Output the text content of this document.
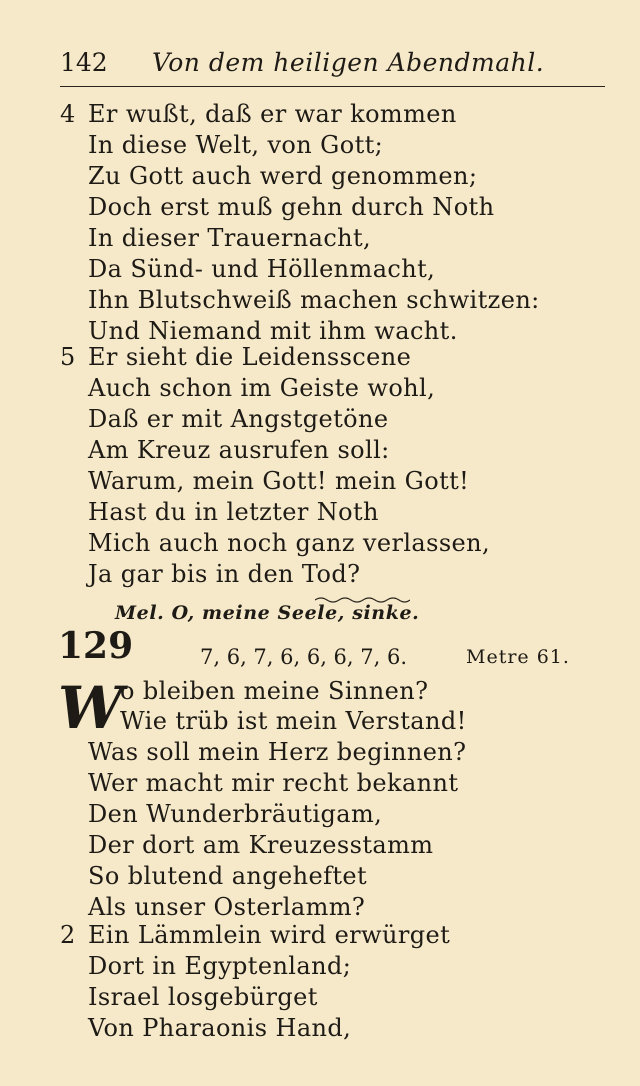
142 Von dem heiligen Abendmahl.
4 Er wußt, daß er war kommen
In diese Welt, von Gott;
Zu Gott auch werd genommen;
Doch erst muß gehn durch Noth
In dieser Trauernacht,
Da Sünd- und Höllenmacht,
Ihn Blutschweiß machen schwitzen:
Und Niemand mit ihm wacht.
5 Er sieht die Leidensscene
Auch schon im Geiste wohl,
Daß er mit Angstgetöne
Am Kreuz ausrufen soll:
Warum, mein Gott! mein Gott!
Hast du in letzter Noth
Mich auch noch ganz verlassen,
Ja gar bis in den Tod?
Mel. O, meine Seele, sinke.
129	7, 6, 7, 6, 6, 6, 7, 6.	Metre 61.
W
o bleiben meine Sinnen?
Wie trüb ist mein Verstand!
Was soll mein Herz beginnen?
Wer macht mir recht bekannt
Den Wunderbräutigam,
Der dort am Kreuzesstamm
So blutend angeheftet
Als unser Osterlamm?
2 Ein Lämmlein wird erwürget
Dort in Egyptenland;
Israel losgebürget
Von Pharaonis Hand,
